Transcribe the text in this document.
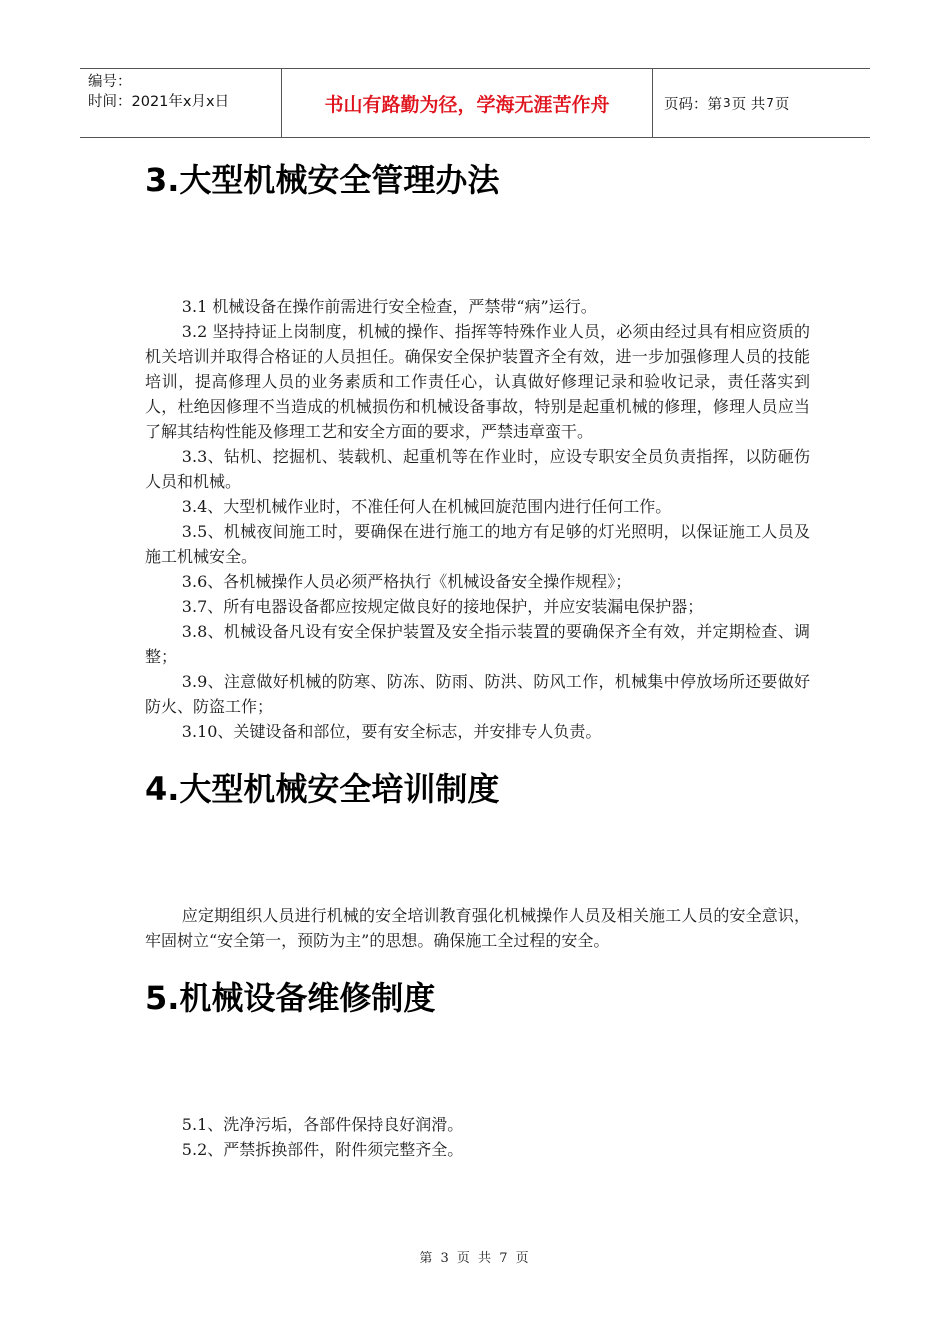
编号：
时间：2021年x月x日	书山有路勤为径，学海无涯苦作舟	页码：第 3 页 共 7 页
3.大型机械安全管理办法

3.1 机械设备在操作前需进行安全检查，严禁带“病”运行。

3.2 坚持持证上岗制度，机械的操作、指挥等特殊作业人员，必须由经过具有相应资质的机关培训并取得合格证的人员担任。确保安全保护装置齐全有效，进一步加强修理人员的技能培训，提高修理人员的业务素质和工作责任心，认真做好修理记录和验收记录，责任落实到人，杜绝因修理不当造成的机械损伤和机械设备事故，特别是起重机械的修理，修理人员应当了解其结构性能及修理工艺和安全方面的要求，严禁违章蛮干。

3.3、钻机、挖掘机、装载机、起重机等在作业时，应设专职安全员负责指挥，以防砸伤人员和机械。

3.4、大型机械作业时，不准任何人在机械回旋范围内进行任何工作。

3.5、机械夜间施工时，要确保在进行施工的地方有足够的灯光照明，以保证施工人员及施工机械安全。

3.6、各机械操作人员必须严格执行《机械设备安全操作规程》；

3.7、所有电器设备都应按规定做良好的接地保护，并应安装漏电保护器；

3.8、机械设备凡设有安全保护装置及安全指示装置的要确保齐全有效，并定期检查、调整；

3.9、注意做好机械的防寒、防冻、防雨、防洪、防风工作，机械集中停放场所还要做好防火、防盗工作；

3.10、关键设备和部位，要有安全标志，并安排专人负责。

4.大型机械安全培训制度

应定期组织人员进行机械的安全培训教育强化机械操作人员及相关施工人员的安全意识，牢固树立“安全第一，预防为主”的思想。确保施工全过程的安全。

5.机械设备维修制度

5.1、洗净污垢，各部件保持良好润滑。

5.2、严禁拆换部件，附件须完整齐全。

第 3 页 共 7 页
